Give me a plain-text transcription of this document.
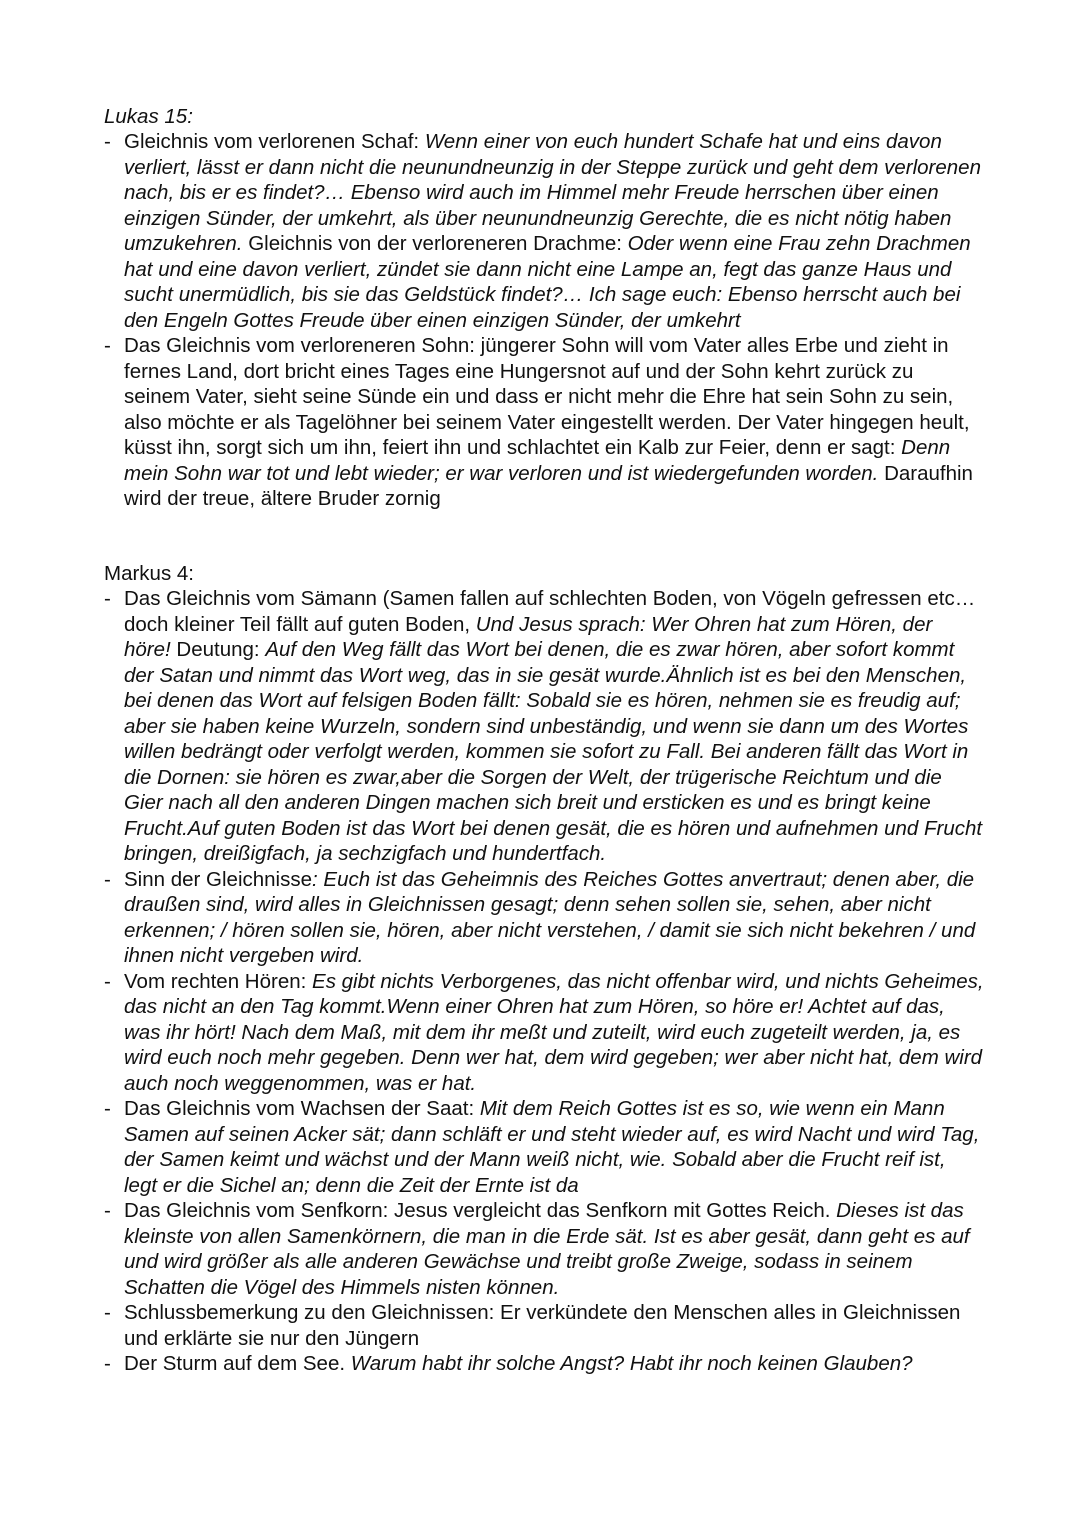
Lukas 15:
- Gleichnis vom verlorenen Schaf: Wenn einer von euch hundert Schafe hat und eins davon verliert, lässt er dann nicht die neunundneunzig in der Steppe zurück und geht dem verlorenen nach, bis er es findet?… Ebenso wird auch im Himmel mehr Freude herrschen über einen einzigen Sünder, der umkehrt, als über neunundneunzig Gerechte, die es nicht nötig haben umzukehren. Gleichnis von der verloreneren Drachme: Oder wenn eine Frau zehn Drachmen hat und eine davon verliert, zündet sie dann nicht eine Lampe an, fegt das ganze Haus und sucht unermüdlich, bis sie das Geldstück findet?… Ich sage euch: Ebenso herrscht auch bei den Engeln Gottes Freude über einen einzigen Sünder, der umkehrt
- Das Gleichnis vom verloreneren Sohn: jüngerer Sohn will vom Vater alles Erbe und zieht in fernes Land, dort bricht eines Tages eine Hungersnot auf und der Sohn kehrt zurück zu seinem Vater, sieht seine Sünde ein und dass er nicht mehr die Ehre hat sein Sohn zu sein, also möchte er als Tagelöhner bei seinem Vater eingestellt werden. Der Vater hingegen heult, küsst ihn, sorgt sich um ihn, feiert ihn und schlachtet ein Kalb zur Feier, denn er sagt: Denn mein Sohn war tot und lebt wieder; er war verloren und ist wiedergefunden worden. Daraufhin wird der treue, ältere Bruder zornig
Markus 4:
- Das Gleichnis vom Sämann (Samen fallen auf schlechten Boden, von Vögeln gefressen etc… doch kleiner Teil fällt auf guten Boden, Und Jesus sprach: Wer Ohren hat zum Hören, der höre! Deutung: Auf den Weg fällt das Wort bei denen, die es zwar hören, aber sofort kommt der Satan und nimmt das Wort weg, das in sie gesät wurde.Ähnlich ist es bei den Menschen, bei denen das Wort auf felsigen Boden fällt: Sobald sie es hören, nehmen sie es freudig auf; aber sie haben keine Wurzeln, sondern sind unbeständig, und wenn sie dann um des Wortes willen bedrängt oder verfolgt werden, kommen sie sofort zu Fall. Bei anderen fällt das Wort in die Dornen: sie hören es zwar,aber die Sorgen der Welt, der trügerische Reichtum und die Gier nach all den anderen Dingen machen sich breit und ersticken es und es bringt keine Frucht.Auf guten Boden ist das Wort bei denen gesät, die es hören und aufnehmen und Frucht bringen, dreißigfach, ja sechzigfach und hundertfach.
- Sinn der Gleichnisse: Euch ist das Geheimnis des Reiches Gottes anvertraut; denen aber, die draußen sind, wird alles in Gleichnissen gesagt; denn sehen sollen sie, sehen, aber nicht erkennen; / hören sollen sie, hören, aber nicht verstehen, / damit sie sich nicht bekehren / und ihnen nicht vergeben wird.
- Vom rechten Hören: Es gibt nichts Verborgenes, das nicht offenbar wird, und nichts Geheimes, das nicht an den Tag kommt.Wenn einer Ohren hat zum Hören, so höre er! Achtet auf das, was ihr hört! Nach dem Maß, mit dem ihr meßt und zuteilt, wird euch zugeteilt werden, ja, es wird euch noch mehr gegeben. Denn wer hat, dem wird gegeben; wer aber nicht hat, dem wird auch noch weggenommen, was er hat.
- Das Gleichnis vom Wachsen der Saat: Mit dem Reich Gottes ist es so, wie wenn ein Mann Samen auf seinen Acker sät; dann schläft er und steht wieder auf, es wird Nacht und wird Tag, der Samen keimt und wächst und der Mann weiß nicht, wie. Sobald aber die Frucht reif ist, legt er die Sichel an; denn die Zeit der Ernte ist da
- Das Gleichnis vom Senfkorn: Jesus vergleicht das Senfkorn mit Gottes Reich. Dieses ist das kleinste von allen Samenkörnern, die man in die Erde sät. Ist es aber gesät, dann geht es auf und wird größer als alle anderen Gewächse und treibt große Zweige, sodass in seinem Schatten die Vögel des Himmels nisten können.
- Schlussbemerkung zu den Gleichnissen: Er verkündete den Menschen alles in Gleichnissen und erklärte sie nur den Jüngern
- Der Sturm auf dem See. Warum habt ihr solche Angst? Habt ihr noch keinen Glauben?
